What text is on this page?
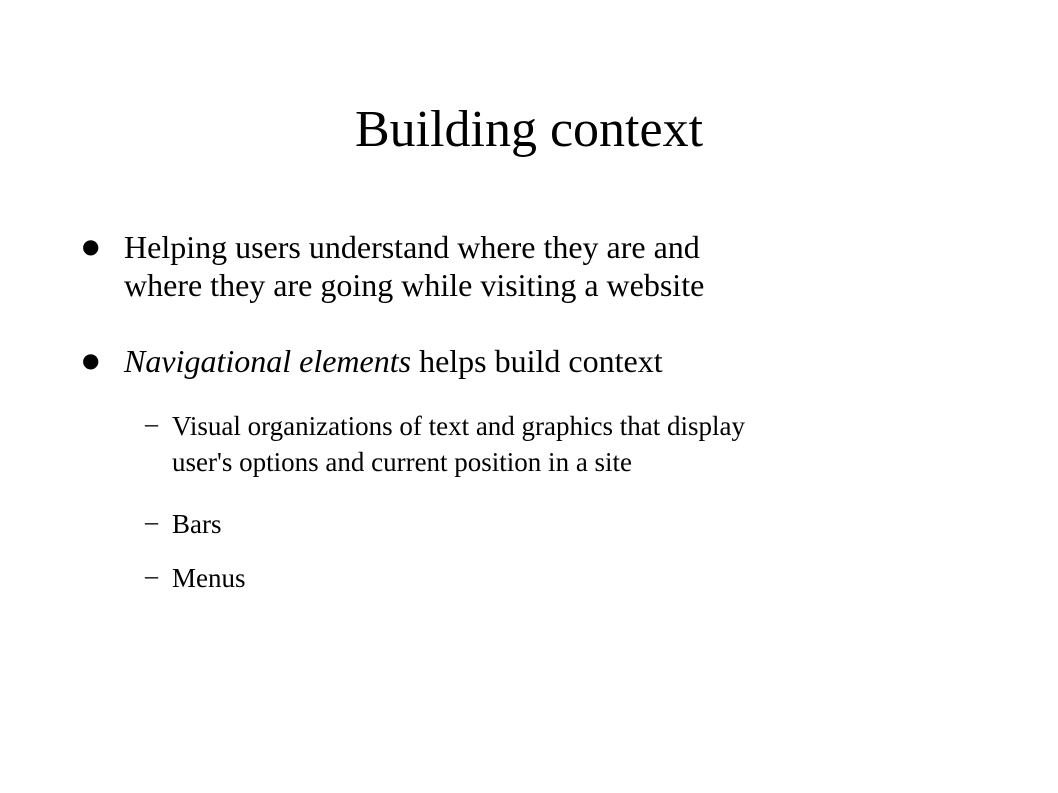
Building context
● Helping users understand where they are and
where they are going while visiting a website
● Navigational elements helps build context
– Visual organizations of text and graphics that display
user's options and current position in a site
– Bars
– Menus
